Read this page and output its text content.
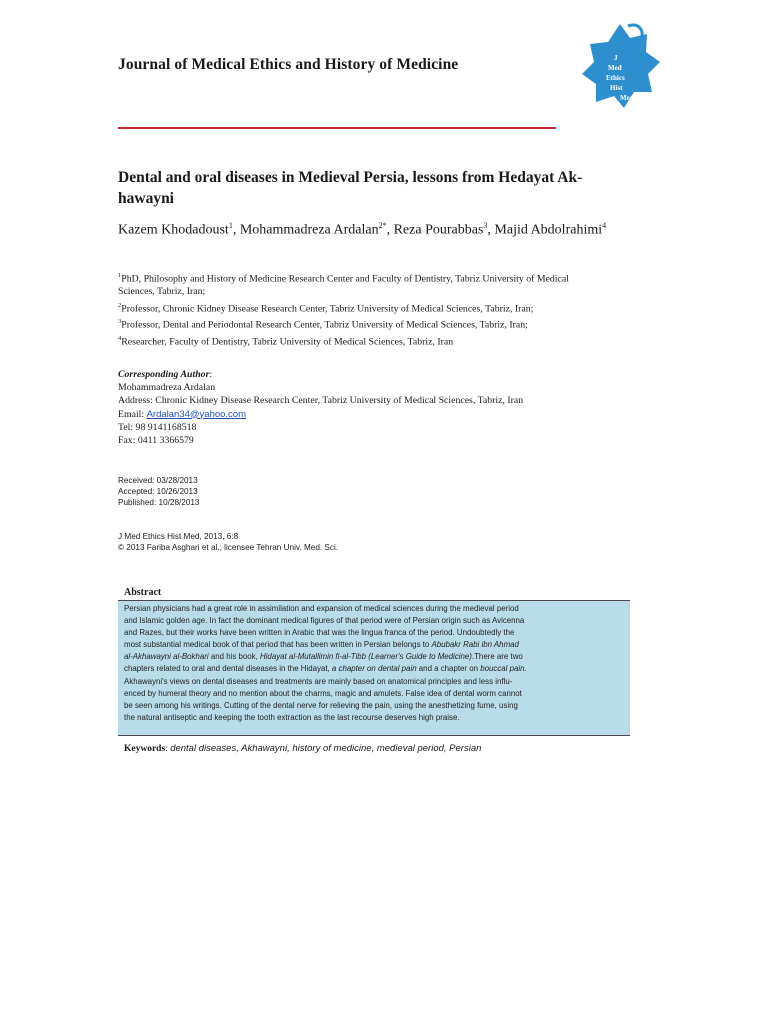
Journal of Medical Ethics and History of Medicine	J
Med
Ethics
Hist
Med
Dental and oral diseases in Medieval Persia, lessons from Hedayat Ak-
hawayni
Kazem Khodadoust$^1$, Mohammadreza Ardalan$^{2*}$, Reza Pourabbas$^3$, Majid Abdolrahimi$^4$
$^1$PhD, Philosophy and History of Medicine Research Center and Faculty of Dentistry, Tabriz University of Medical
Sciences, Tabriz, Iran;
$^2$Professor, Chronic Kidney Disease Research Center, Tabriz University of Medical Sciences, Tabriz, Iran;
$^3$Professor, Dental and Periodontal Research Center, Tabriz University of Medical Sciences, Tabriz, Iran;
$^4$Researcher, Faculty of Dentistry, Tabriz University of Medical Sciences, Tabriz, Iran
Corresponding Author:
Mohammadreza Ardalan
Address: Chronic Kidney Disease Research Center, Tabriz University of Medical Sciences, Tabriz, Iran
Email: Ardalan34@yahoo.com
Tel: 98 9141168518
Fax: 0411 3366579
Received: 03/28/2013
Accepted: 10/26/2013
Published: 10/28/2013
J Med Ethics Hist Med, 2013, 6:8
© 2013 Fariba Asghari et al.; licensee Tehran Univ. Med. Sci.
Abstract
Persian physicians had a great role in assimilation and expansion of medical sciences during the medieval period
and Islamic golden age. In fact the dominant medical figures of that period were of Persian origin such as Avicenna
and Razes, but their works have been written in Arabic that was the lingua franca of the period. Undoubtedly the
most substantial medical book of that period that has been written in Persian belongs to Abubakr Rabi ibn Ahmad
al-Akhawayni al-Bokhari and his book, Hidayat al-Mutallimin fi-al-Tibb (Learner's Guide to Medicine).There are two
chapters related to oral and dental diseases in the Hidayat, a chapter on dental pain and a chapter on bouccal pain.
Akhawayni's views on dental diseases and treatments are mainly based on anatomical principles and less influ-
enced by humeral theory and no mention about the charms, magic and amulets. False idea of dental worm cannot
be seen among his writings. Cutting of the dental nerve for relieving the pain, using the anesthetizing fume, using
the natural antiseptic and keeping the tooth extraction as the last recourse deserves high praise.
Keywords: dental diseases, Akhawayni, history of medicine, medieval period, Persian
